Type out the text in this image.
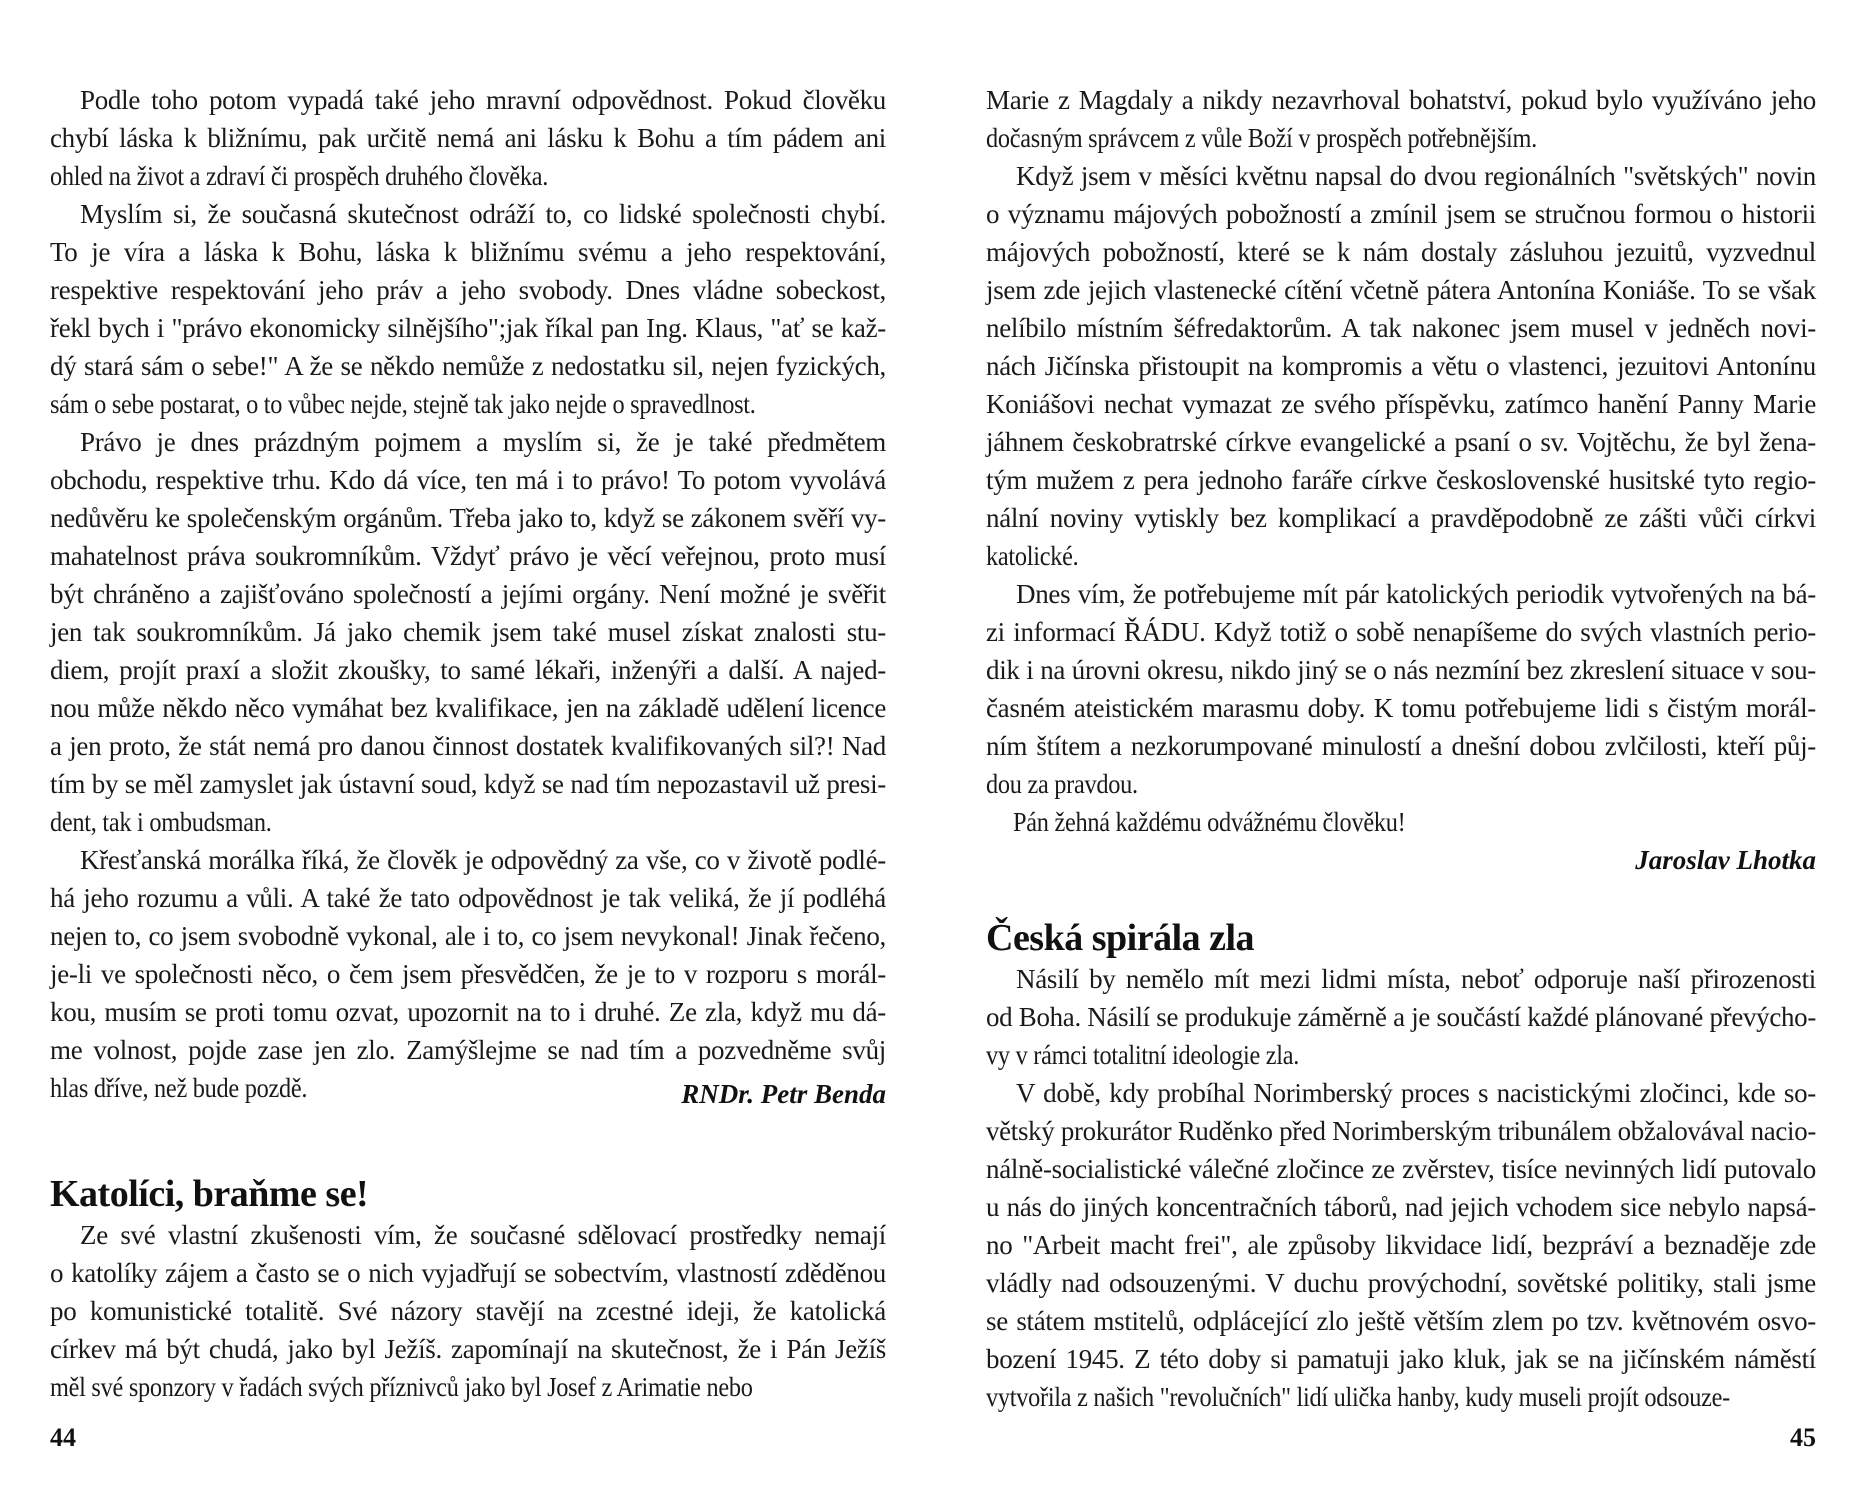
Podle toho potom vypadá také jeho mravní odpovědnost. Pokud člověku
chybí láska k bližnímu, pak určitě nemá ani lásku k Bohu a tím pádem ani
ohled na život a zdraví či prospěch druhého člověka.
Myslím si, že současná skutečnost odráží to, co lidské společnosti chybí.
To je víra a láska k Bohu, láska k bližnímu svému a jeho respektování,
respektive respektování jeho práv a jeho svobody. Dnes vládne sobeckost,
řekl bych i "právo ekonomicky silnějšího";jak říkal pan Ing. Klaus, "ať se kaž-
dý stará sám o sebe!" A že se někdo nemůže z nedostatku sil, nejen fyzických,
sám o sebe postarat, o to vůbec nejde, stejně tak jako nejde o spravedlnost.
Právo je dnes prázdným pojmem a myslím si, že je také předmětem
obchodu, respektive trhu. Kdo dá více, ten má i to právo! To potom vyvolává
nedůvěru ke společenským orgánům. Třeba jako to, když se zákonem svěří vy-
mahatelnost práva soukromníkům. Vždyť právo je věcí veřejnou, proto musí
být chráněno a zajišťováno společností a jejími orgány. Není možné je svěřit
jen tak soukromníkům. Já jako chemik jsem také musel získat znalosti stu-
diem, projít praxí a složit zkoušky, to samé lékaři, inženýři a další. A najed-
nou může někdo něco vymáhat bez kvalifikace, jen na základě udělení licence
a jen proto, že stát nemá pro danou činnost dostatek kvalifikovaných sil?! Nad
tím by se měl zamyslet jak ústavní soud, když se nad tím nepozastavil už presi-
dent, tak i ombudsman.
Křesťanská morálka říká, že člověk je odpovědný za vše, co v životě podlé-
há jeho rozumu a vůli. A také že tato odpovědnost je tak veliká, že jí podléhá
nejen to, co jsem svobodně vykonal, ale i to, co jsem nevykonal! Jinak řečeno,
je-li ve společnosti něco, o čem jsem přesvědčen, že je to v rozporu s morál-
kou, musím se proti tomu ozvat, upozornit na to i druhé. Ze zla, když mu dá-
me volnost, pojde zase jen zlo. Zamýšlejme se nad tím a pozvedněme svůj
hlas dříve, než bude pozdě.	RNDr. Petr Benda
Katolíci, braňme se!
Ze své vlastní zkušenosti vím, že současné sdělovací prostředky nemají
o katolíky zájem a často se o nich vyjadřují se sobectvím, vlastností zděděnou
po komunistické totalitě. Své názory stavějí na zcestné ideji, že katolická
církev má být chudá, jako byl Ježíš. zapomínají na skutečnost, že i Pán Ježíš
měl své sponzory v řadách svých příznivců jako byl Josef z Arimatie nebo
44
Marie z Magdaly a nikdy nezavrhoval bohatství, pokud bylo využíváno jeho
dočasným správcem z vůle Boží v prospěch potřebnějším.
Když jsem v měsíci květnu napsal do dvou regionálních "světských" novin
o významu májových pobožností a zmínil jsem se stručnou formou o historii
májových pobožností, které se k nám dostaly zásluhou jezuitů, vyzvednul
jsem zde jejich vlastenecké cítění včetně pátera Antonína Koniáše. To se však
nelíbilo místním šéfredaktorům. A tak nakonec jsem musel v jedněch novi-
nách Jičínska přistoupit na kompromis a větu o vlastenci, jezuitovi Antonínu
Koniášovi nechat vymazat ze svého příspěvku, zatímco hanění Panny Marie
jáhnem českobratrské církve evangelické a psaní o sv. Vojtěchu, že byl žena-
tým mužem z pera jednoho faráře církve československé husitské tyto regio-
nální noviny vytiskly bez komplikací a pravděpodobně ze zášti vůči církvi
katolické.
Dnes vím, že potřebujeme mít pár katolických periodik vytvořených na bá-
zi informací ŘÁDU. Když totiž o sobě nenapíšeme do svých vlastních perio-
dik i na úrovni okresu, nikdo jiný se o nás nezmíní bez zkreslení situace v sou-
časném ateistickém marasmu doby. K tomu potřebujeme lidi s čistým morál-
ním štítem a nezkorumpované minulostí a dnešní dobou zvlčilosti, kteří půj-
dou za pravdou.
Pán žehná každému odvážnému člověku!
Jaroslav Lhotka
Česká spirála zla
Násilí by nemělo mít mezi lidmi místa, neboť odporuje naší přirozenosti
od Boha. Násilí se produkuje záměrně a je součástí každé plánované převýcho-
vy v rámci totalitní ideologie zla.
V době, kdy probíhal Norimberský proces s nacistickými zločinci, kde so-
větský prokurátor Ruděnko před Norimberským tribunálem obžalovával nacio-
nálně-socialistické válečné zločince ze zvěrstev, tisíce nevinných lidí putovalo
u nás do jiných koncentračních táborů, nad jejich vchodem sice nebylo napsá-
no "Arbeit macht frei", ale způsoby likvidace lidí, bezpráví a beznaděje zde
vládly nad odsouzenými. V duchu provýchodní, sovětské politiky, stali jsme
se státem mstitelů, odplácející zlo ještě větším zlem po tzv. květnovém osvo-
bození 1945. Z této doby si pamatuji jako kluk, jak se na jičínském náměstí
vytvořila z našich "revolučních" lidí ulička hanby, kudy museli projít odsouze-
45
